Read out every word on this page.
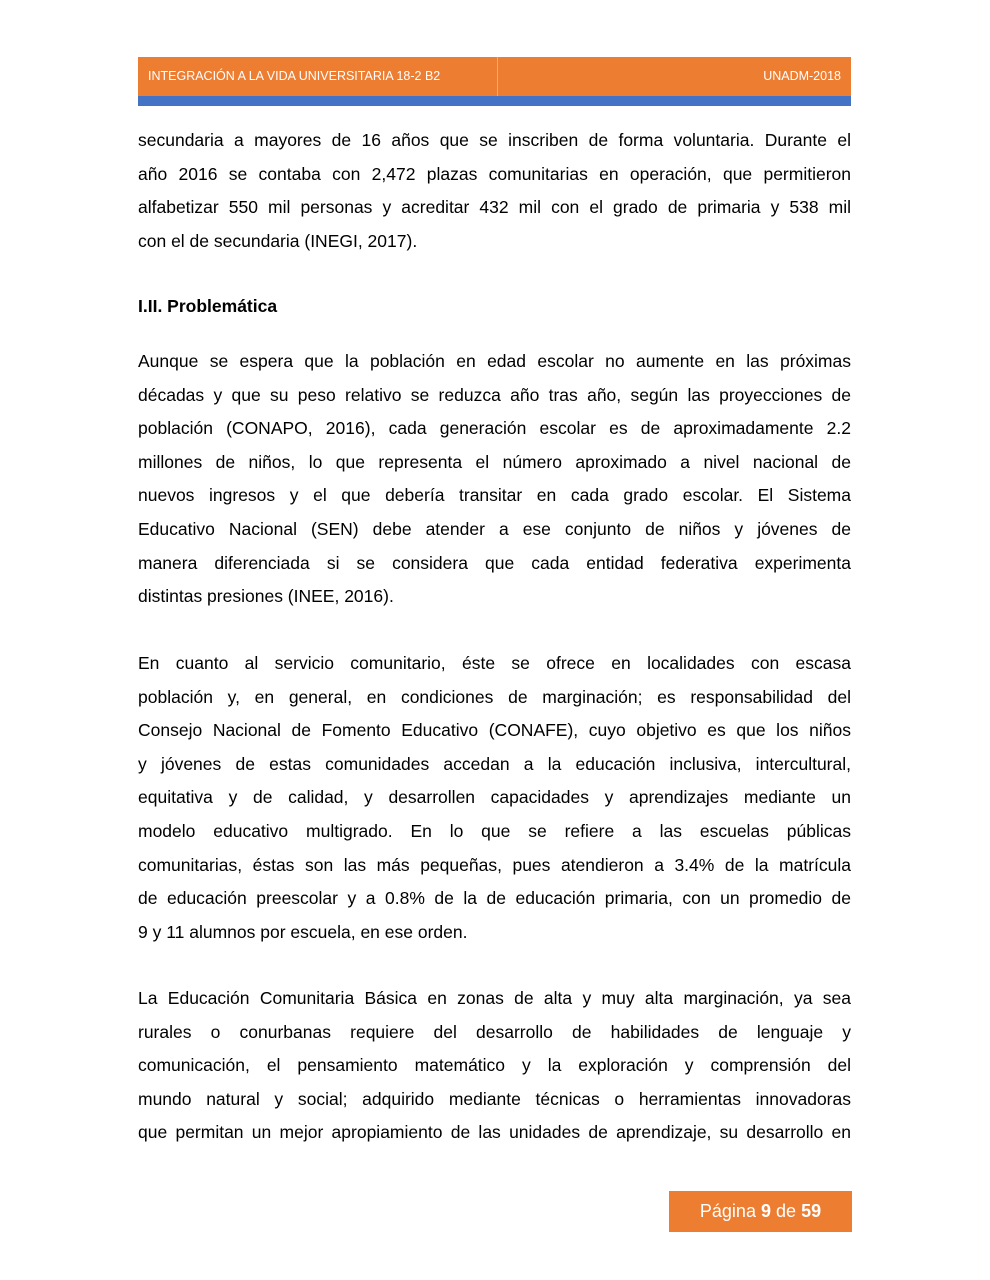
INTEGRACIÓN A LA VIDA UNIVERSITARIA 18-2 B2	UNADM-2018
secundaria a mayores de 16 años que se inscriben de forma voluntaria. Durante el
año 2016 se contaba con 2,472 plazas comunitarias en operación, que permitieron
alfabetizar 550 mil personas y acreditar 432 mil con el grado de primaria y 538 mil
con el de secundaria (INEGI, 2017).
I.II. Problemática
Aunque se espera que la población en edad escolar no aumente en las próximas
décadas y que su peso relativo se reduzca año tras año, según las proyecciones de
población (CONAPO, 2016), cada generación escolar es de aproximadamente 2.2
millones de niños, lo que representa el número aproximado a nivel nacional de
nuevos ingresos y el que debería transitar en cada grado escolar. El Sistema
Educativo Nacional (SEN) debe atender a ese conjunto de niños y jóvenes de
manera diferenciada si se considera que cada entidad federativa experimenta
distintas presiones (INEE, 2016).
En cuanto al servicio comunitario, éste se ofrece en localidades con escasa
población y, en general, en condiciones de marginación; es responsabilidad del
Consejo Nacional de Fomento Educativo (CONAFE), cuyo objetivo es que los niños
y jóvenes de estas comunidades accedan a la educación inclusiva, intercultural,
equitativa y de calidad, y desarrollen capacidades y aprendizajes mediante un
modelo educativo multigrado. En lo que se refiere a las escuelas públicas
comunitarias, éstas son las más pequeñas, pues atendieron a 3.4% de la matrícula
de educación preescolar y a 0.8% de la de educación primaria, con un promedio de
9 y 11 alumnos por escuela, en ese orden.
La Educación Comunitaria Básica en zonas de alta y muy alta marginación, ya sea
rurales o conurbanas requiere del desarrollo de habilidades de lenguaje y
comunicación, el pensamiento matemático y la exploración y comprensión del
mundo natural y social; adquirido mediante técnicas o herramientas innovadoras
que permitan un mejor apropiamiento de las unidades de aprendizaje, su desarrollo en
Página 9 de 59
